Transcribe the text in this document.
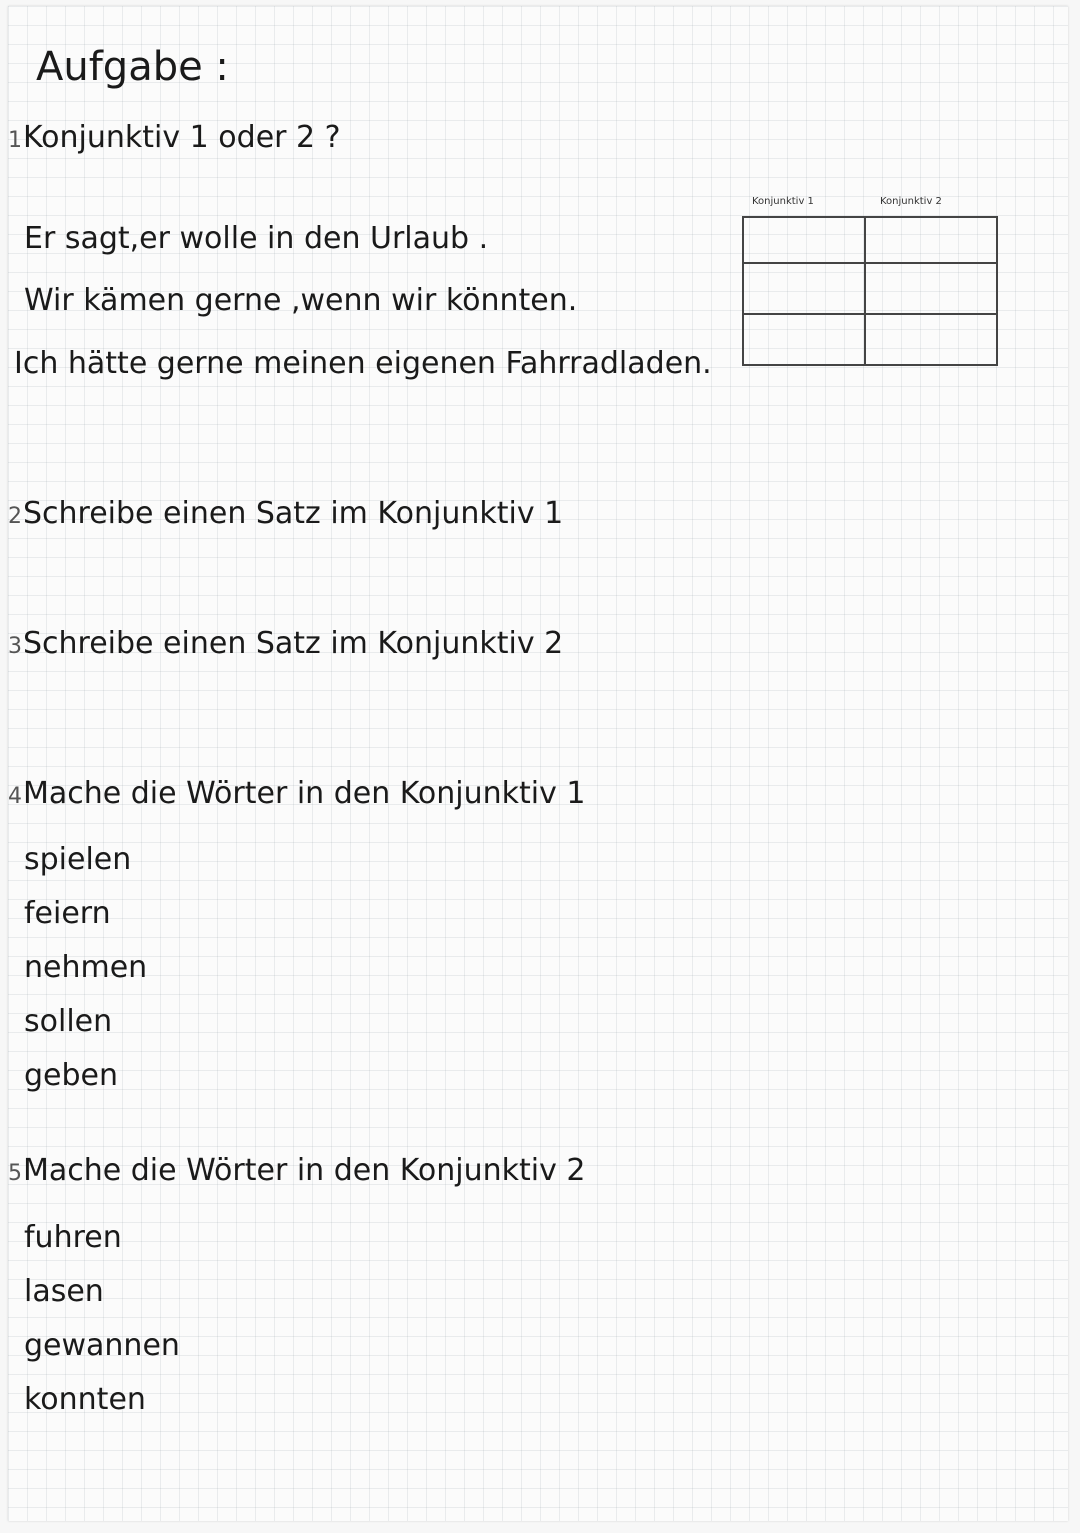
Aufgabe :
1Konjunktiv 1 oder 2 ?
Er sagt,er wolle in den Urlaub .
Wir kämen gerne ,wenn wir könnten.
Ich hätte gerne meinen eigenen Fahrradladen.
Konjunktiv 1	Konjunktiv 2

2Schreibe einen Satz im Konjunktiv 1
3Schreibe einen Satz im Konjunktiv 2
4Mache die Wörter in den Konjunktiv 1
spielen
feiern
nehmen
sollen
geben
5Mache die Wörter in den Konjunktiv 2
fuhren
lasen
gewannen
konnten
